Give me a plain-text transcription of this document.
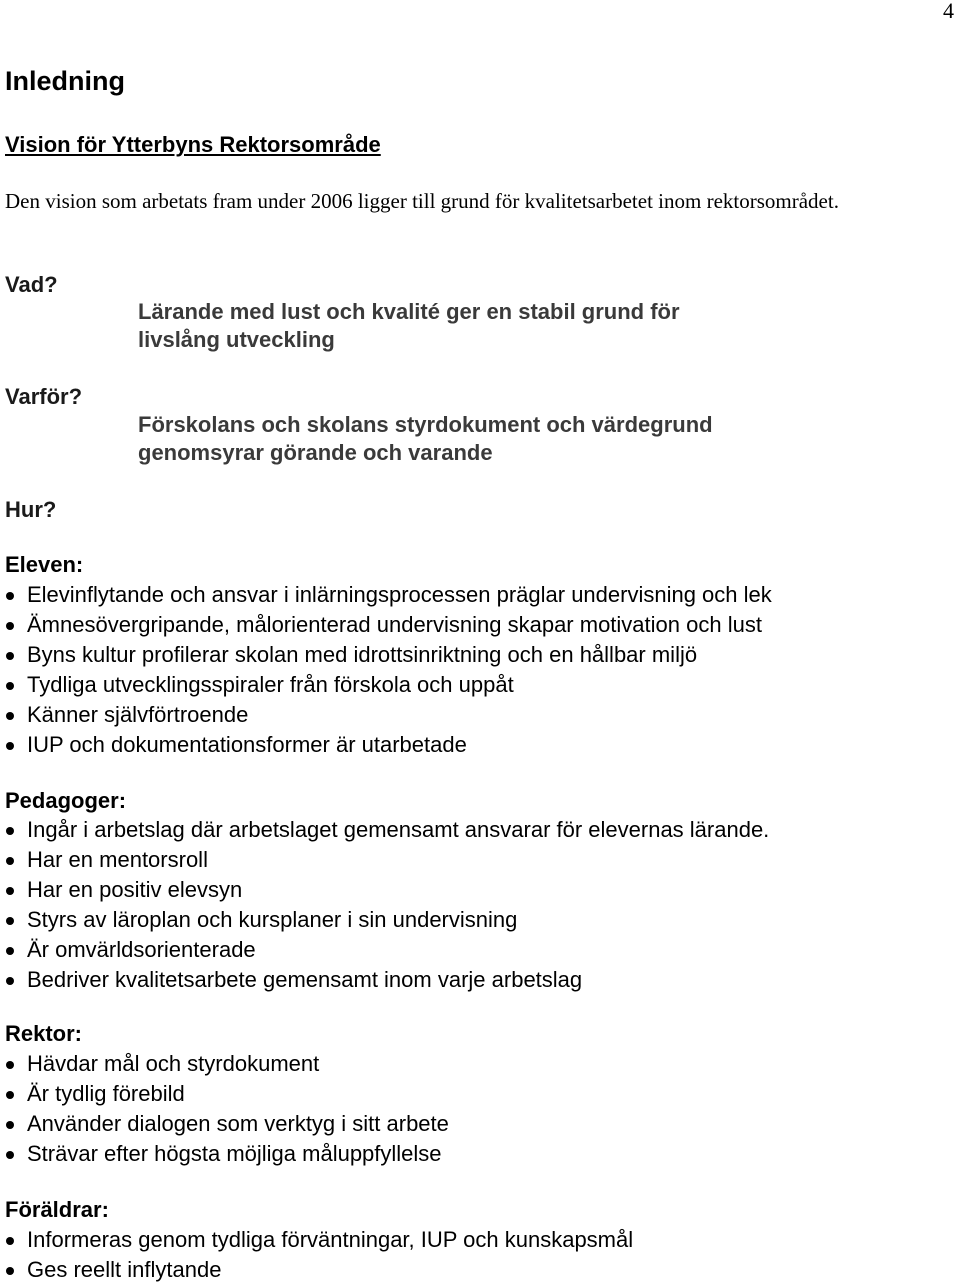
4
Inledning
Vision för Ytterbyns Rektorsområde
Den vision som arbetats fram under 2006 ligger till grund för kvalitetsarbetet inom rektorsområdet.
Vad?
Lärande med lust och kvalité ger en stabil grund för
livslång utveckling
Varför?
Förskolans och skolans styrdokument och värdegrund
genomsyrar görande och varande
Hur?
Eleven:
Elevinflytande och ansvar i inlärningsprocessen präglar undervisning och lek
Ämnesövergripande, målorienterad undervisning skapar motivation och lust
Byns kultur profilerar skolan med idrottsinriktning och en hållbar miljö
Tydliga utvecklingsspiraler från förskola och uppåt
Känner självförtroende
IUP och dokumentationsformer är utarbetade
Pedagoger:
Ingår i arbetslag där arbetslaget gemensamt ansvarar för elevernas lärande.
Har en mentorsroll
Har en positiv elevsyn
Styrs av läroplan och kursplaner i sin undervisning
Är omvärldsorienterade
Bedriver kvalitetsarbete gemensamt inom varje arbetslag
Rektor:
Hävdar mål och styrdokument
Är tydlig förebild
Använder dialogen som verktyg i sitt arbete
Strävar efter högsta möjliga måluppfyllelse
Föräldrar:
Informeras genom tydliga förväntningar, IUP och kunskapsmål
Ges reellt inflytande
